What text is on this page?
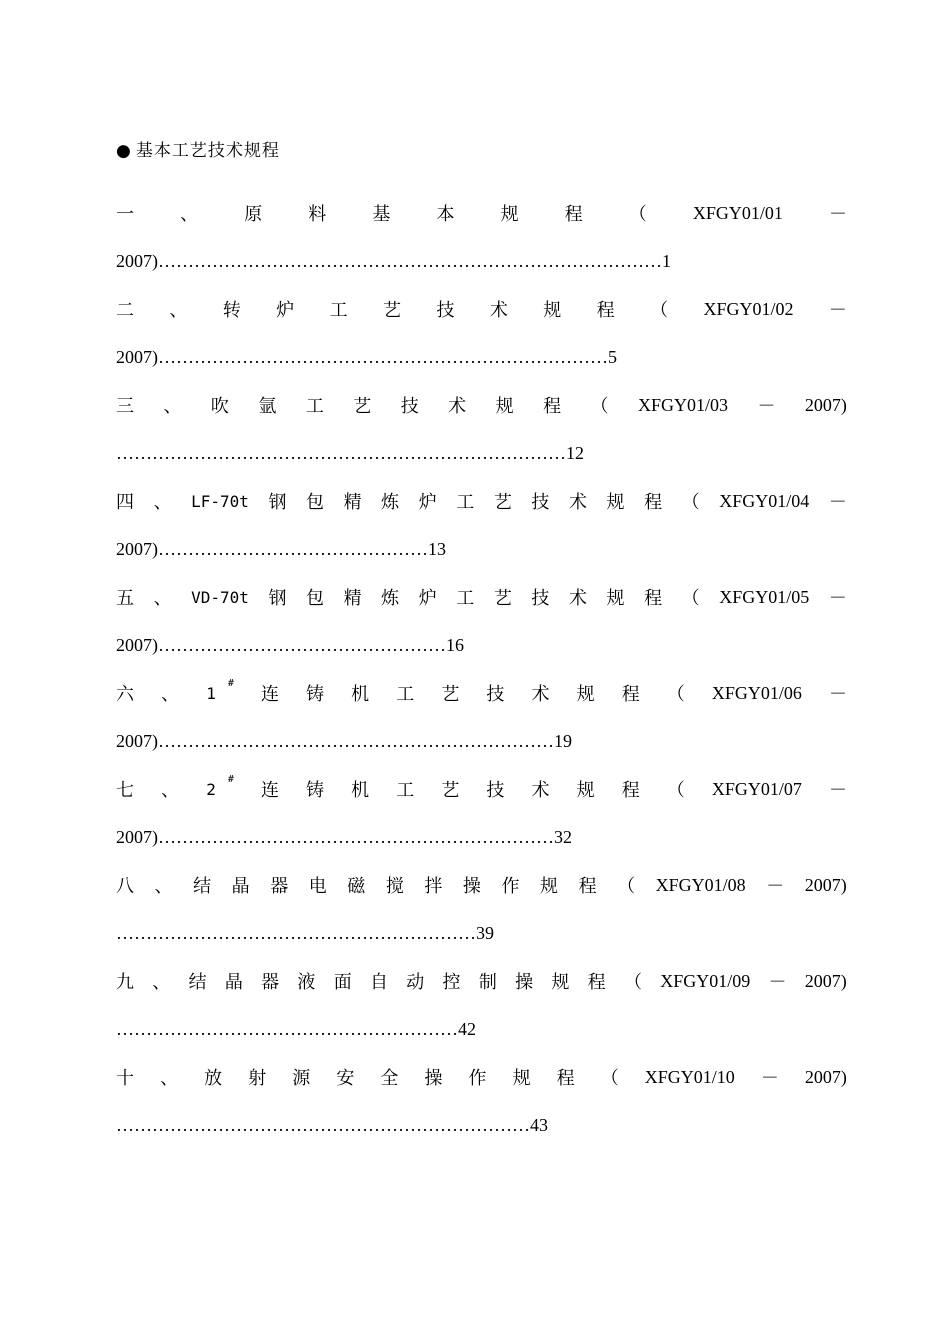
● 基本工艺技术规程
一	、	原	料	基	本	规	程	（	XFGY01/01	－
2007)…………………………………………………………………………1
二 、 转 炉 工 艺 技 术 规 程 （ XFGY01/02 －
2007)…………………………………………………………………5
三 、 吹 氩 工 艺 技 术 规 程 （ XFGY01/03 － 2007)
…………………………………………………………………12
四 、 LF-70t 钢 包 精 炼 炉 工 艺 技 术 规 程 （ XFGY01/04 －
2007)………………………………………13
五 、 VD-70t 钢 包 精 炼 炉 工 艺 技 术 规 程 （ XFGY01/05 －
2007)…………………………………………16
六 、 1 #
连 铸 机 工 艺 技 术 规 程 （ XFGY01/06 －
2007)…………………………………………………………19
七 、 2 #
连 铸 机 工 艺 技 术 规 程 （ XFGY01/07 －
2007)…………………………………………………………32
八 、 结 晶 器 电 磁 搅 拌 操 作 规 程 （ XFGY01/08 － 2007)
……………………………………………………39
九 、 结 晶 器 液 面 自 动 控 制 操 规 程 （ XFGY01/09 － 2007)
…………………………………………………42
十 、 放 射 源 安 全 操 作 规 程 （ XFGY01/10 － 2007)
……………………………………………………………43
